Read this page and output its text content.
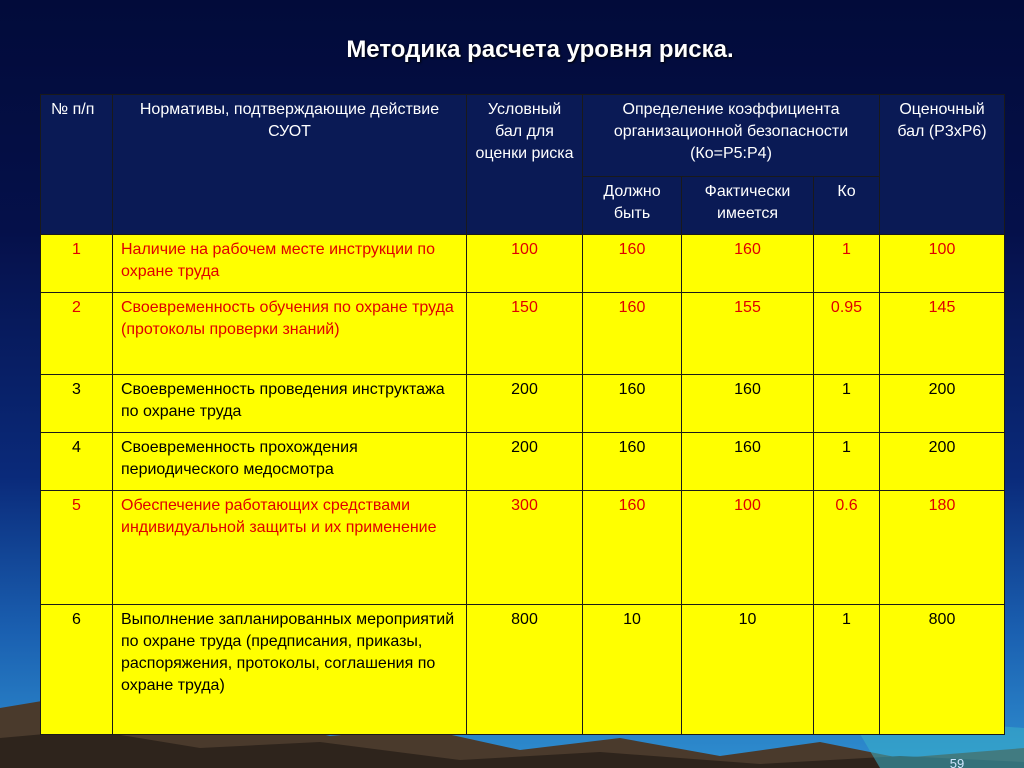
Методика расчета уровня риска.
№ п/п	Нормативы, подтверждающие действие СУОТ	Условный бал для оценки риска	Определение коэффициента организационной безопасности (Ко=Р5:Р4)			Оценочный бал (Р3хР6)
			Должно быть	Фактически имеется	Ко	
1	Наличие на рабочем месте инструкции по охране труда	100	160	160	1	100
2	Своевременность обучения по охране труда (протоколы проверки знаний)	150	160	155	0.95	145
3	Своевременность проведения инструктажа по охране труда	200	160	160	1	200
4	Своевременность прохождения периодического медосмотра	200	160	160	1	200
5	Обеспечение работающих средствами индивидуальной защиты и их применение	300	160	100	0.6	180
6	Выполнение запланированных мероприятий по охране труда (предписания, приказы, распоряжения, протоколы, соглашения по охране труда)	800	10	10	1	800
59
